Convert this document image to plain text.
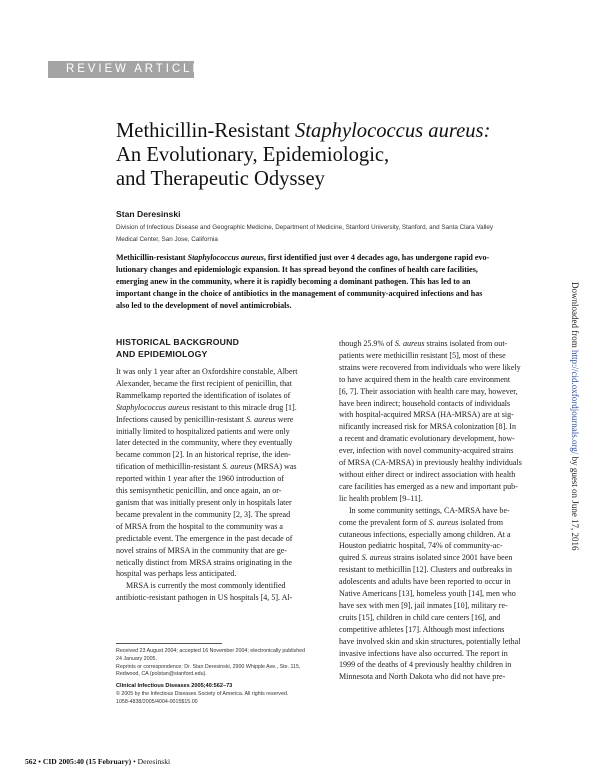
REVIEW ARTICLE
Methicillin-Resistant Staphylococcus aureus:
An Evolutionary, Epidemiologic,
and Therapeutic Odyssey
Stan Deresinski
Division of Infectious Disease and Geographic Medicine, Department of Medicine, Stanford University, Stanford, and Santa Clara Valley
Medical Center, San Jose, California
Methicillin-resistant Staphylococcus aureus, first identified just over 4 decades ago, has undergone rapid evo-
lutionary changes and epidemiologic expansion. It has spread beyond the confines of health care facilities,
emerging anew in the community, where it is rapidly becoming a dominant pathogen. This has led to an
important change in the choice of antibiotics in the management of community-acquired infections and has
also led to the development of novel antimicrobials.
HISTORICAL BACKGROUND
AND EPIDEMIOLOGY
It was only 1 year after an Oxfordshire constable, Albert
Alexander, became the first recipient of penicillin, that
Rammelkamp reported the identification of isolates of
Staphylococcus aureus resistant to this miracle drug [1].
Infections caused by penicillin-resistant S. aureus were
initially limited to hospitalized patients and were only
later detected in the community, where they eventually
became common [2]. In an historical reprise, the iden-
tification of methicillin-resistant S. aureus (MRSA) was
reported within 1 year after the 1960 introduction of
this semisynthetic penicillin, and once again, an or-
ganism that was initially present only in hospitals later
became prevalent in the community [2, 3]. The spread
of MRSA from the hospital to the community was a
predictable event. The emergence in the past decade of
novel strains of MRSA in the community that are ge-
netically distinct from MRSA strains originating in the
hospital was perhaps less anticipated.
MRSA is currently the most commonly identified
antibiotic-resistant pathogen in US hospitals [4, 5]. Al-
though 25.9% of S. aureus strains isolated from out-
patients were methicillin resistant [5], most of these
strains were recovered from individuals who were likely
to have acquired them in the health care environment
[6, 7]. Their association with health care may, however,
have been indirect; household contacts of individuals
with hospital-acquired MRSA (HA-MRSA) are at sig-
nificantly increased risk for MRSA colonization [8]. In
a recent and dramatic evolutionary development, how-
ever, infection with novel community-acquired strains
of MRSA (CA-MRSA) in previously healthy individuals
without either direct or indirect association with health
care facilities has emerged as a new and important pub-
lic health problem [9–11].
In some community settings, CA-MRSA have be-
come the prevalent form of S. aureus isolated from
cutaneous infections, especially among children. At a
Houston pediatric hospital, 74% of community-ac-
quired S. aureus strains isolated since 2001 have been
resistant to methicillin [12]. Clusters and outbreaks in
adolescents and adults have been reported to occur in
Native Americans [13], homeless youth [14], men who
have sex with men [9], jail inmates [10], military re-
cruits [15], children in child care centers [16], and
competitive athletes [17]. Although most infections
have involved skin and skin structures, potentially lethal
invasive infections have also occurred. The report in
1999 of the deaths of 4 previously healthy children in
Minnesota and North Dakota who did not have pre-
Received 23 August 2004; accepted 16 November 2004; electronically published
24 January 2005.
Reprints or correspondence: Dr. Stan Deresinski, 2900 Whipple Ave., Ste. 115,
Redwood, CA (polstan@stanford.edu).
Clinical Infectious Diseases 2005;40:562–73
© 2005 by the Infectious Diseases Society of America. All rights reserved.
1058-4838/2005/4004-0015$15.00
Downloaded from http://cid.oxfordjournals.org/ by guest on June 17, 2016
562 • CID 2005:40 (15 February) • Deresinski
